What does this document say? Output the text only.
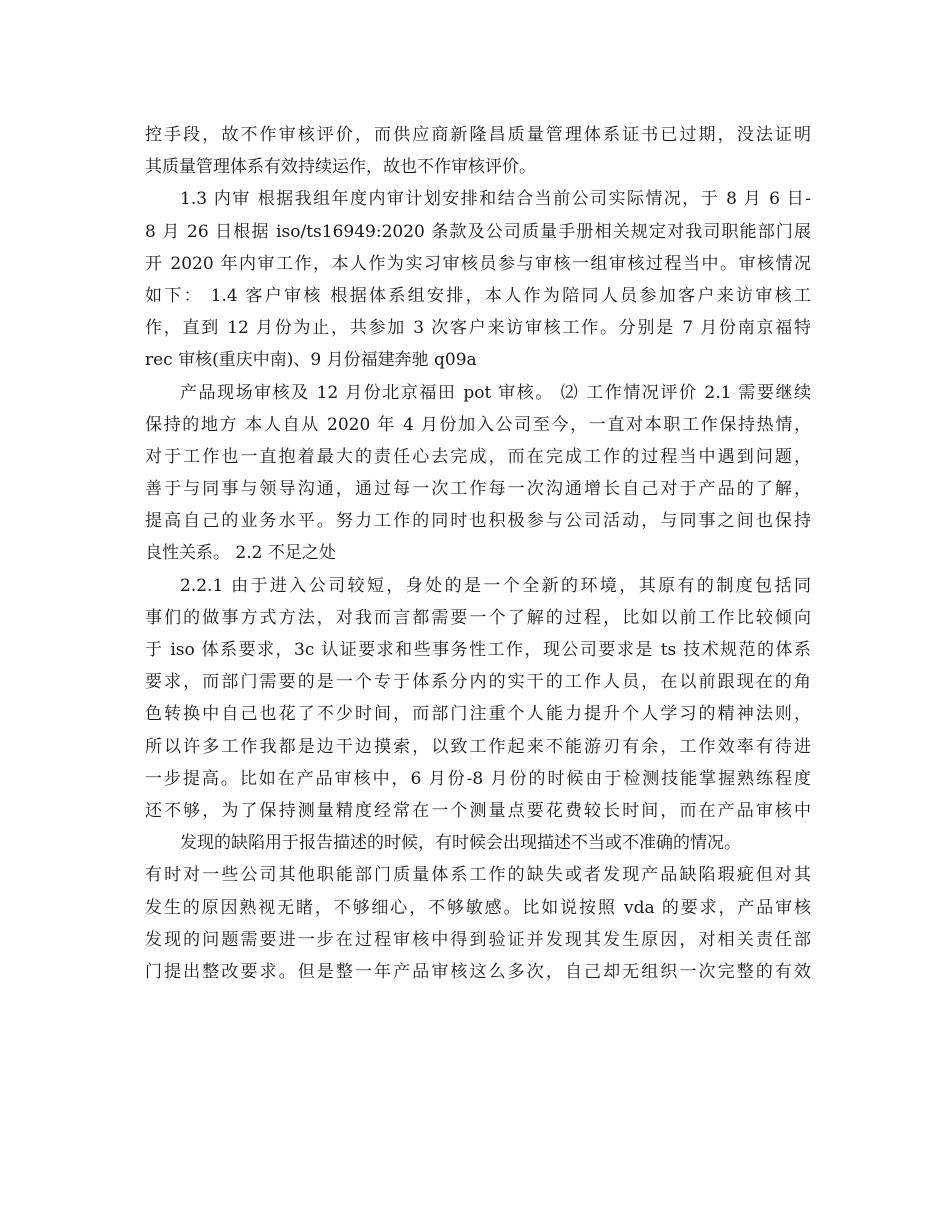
控手段，故不作审核评价，而供应商新隆昌质量管理体系证书已过期，没法证明
其质量管理体系有效持续运作，故也不作审核评价。
1.3 内审 根据我组年度内审计划安排和结合当前公司实际情况，于 8 月 6 日-
8 月 26 日根据 iso/ts16949:2020 条款及公司质量手册相关规定对我司职能部门展
开 2020 年内审工作，本人作为实习审核员参与审核一组审核过程当中。审核情况
如下： 1.4 客户审核 根据体系组安排，本人作为陪同人员参加客户来访审核工
作，直到 12 月份为止，共参加 3 次客户来访审核工作。分别是 7 月份南京福特
rec 审核(重庆中南)、9 月份福建奔驰 q09a
产品现场审核及 12 月份北京福田 pot 审核。 ⑵ 工作情况评价 2.1 需要继续
保持的地方 本人自从 2020 年 4 月份加入公司至今，一直对本职工作保持热情，
对于工作也一直抱着最大的责任心去完成，而在完成工作的过程当中遇到问题，
善于与同事与领导沟通，通过每一次工作每一次沟通增长自己对于产品的了解，
提高自己的业务水平。努力工作的同时也积极参与公司活动，与同事之间也保持
良性关系。 2.2 不足之处
2.2.1 由于进入公司较短，身处的是一个全新的环境，其原有的制度包括同
事们的做事方式方法，对我而言都需要一个了解的过程，比如以前工作比较倾向
于 iso 体系要求，3c 认证要求和些事务性工作，现公司要求是 ts 技术规范的体系
要求，而部门需要的是一个专于体系分内的实干的工作人员，在以前跟现在的角
色转换中自己也花了不少时间，而部门注重个人能力提升个人学习的精神法则，
所以许多工作我都是边干边摸索，以致工作起来不能游刃有余，工作效率有待进
一步提高。比如在产品审核中，6 月份-8 月份的时候由于检测技能掌握熟练程度
还不够，为了保持测量精度经常在一个测量点要花费较长时间，而在产品审核中
发现的缺陷用于报告描述的时候，有时候会出现描述不当或不准确的情况。
有时对一些公司其他职能部门质量体系工作的缺失或者发现产品缺陷瑕疵但对其
发生的原因熟视无睹，不够细心，不够敏感。比如说按照 vda 的要求，产品审核
发现的问题需要进一步在过程审核中得到验证并发现其发生原因，对相关责任部
门提出整改要求。但是整一年产品审核这么多次，自己却无组织一次完整的有效
